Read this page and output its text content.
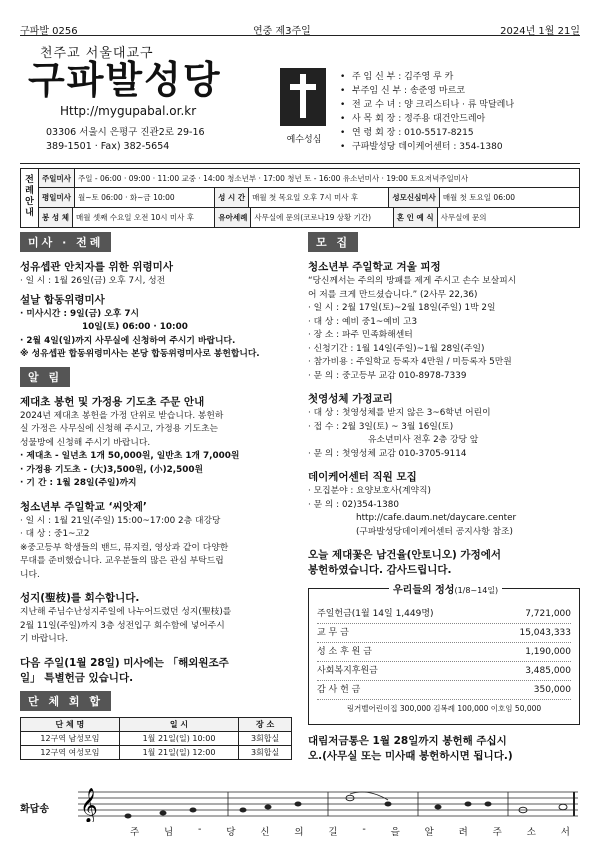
구파발 0256	연중 제3주일	2024년 1월 21일
천주교 서울대교구
구파발성당
Http://mygupabal.or.kr
03306 서울시 은평구 진관2로 29-16
389-1501 · Fax) 382-5654
예수성심
• 주 임 신 부 : 김주영 루 카
• 부주임 신 부 : 송준영 마르코
• 전 교 수 녀 : 양 크리스티나 · 류 막달레나
• 사 목 회 장 : 정주용 대건안드레아
• 연 령 회 장 : 010-5517-8215
• 구파발성당 데이케어센터 : 354-1380
전례안내
주일미사 주일 - 06:00 · 09:00 · 11:00 교중 · 14:00 청소년부 · 17:00 청년 토 - 16:00 유소년미사 · 19:00 토요저녁주일미사
평일미사 월~토 06:00 · 화~금 10:00	성 시 간 매월 첫 목요일 오후 7시 미사 후	성모신심미사 매월 첫 토요일 06:00
봉 성 체 매월 셋째 수요일 오전 10시 미사 후	유아세례 사무실에 문의(코로나19 상황 기간)	혼 인 예 식 사무실에 문의
미사 · 전례
성유셉관 안치자를 위한 위령미사
· 일 시 : 1월 26일(금) 오후 7시, 성전
설날 합동위령미사
· 미사시간 : 9일(금) 오후 7시
10일(토) 06:00 · 10:00
· 2월 4일(일)까지 사무실에 신청하여 주시기 바랍니다.
※ 성유셉관 합동위령미사는 본당 합동위령미사로 봉헌합니다.
알 림
제대초 봉헌 및 가정용 기도초 주문 안내
2024년 제대초 봉헌을 가정 단위로 받습니다. 봉헌하
실 가정은 사무실에 신청해 주시고, 가정용 기도초는
성물방에 신청해 주시기 바랍니다.
· 제대초 - 일년초 1개 50,000원, 일반초 1개 7,000원
· 가정용 기도초 - (大)3,500원, (小)2,500원
· 기 간 : 1월 28일(주일)까지
청소년부 주일학교 ‘씨앗제’
· 일 시 : 1월 21일(주일) 15:00~17:00 2층 대강당
· 대 상 : 중1~고2
※중고등부 학생들의 밴드, 뮤지컬, 영상과 같이 다양한
무대를 준비했습니다. 교우분들의 많은 관심 부탁드립
니다.
성지(聖枝)를 회수합니다.
지난해 주님수난성지주일에 나누어드렸던 성지(聖枝)를
2월 11일(주일)까지 3층 성전입구 회수함에 넣어주시
기 바랍니다.
다음 주일(1월 28일) 미사에는 「해외원조주
일」 특별헌금 있습니다.
단 체 회 합
단 체 명	일 시	장 소
12구역 남성모임	1월 21일(일) 10:00	3회합실
12구역 여성모임	1월 21일(일) 12:00	3회합실
모 집
청소년부 주일학교 겨울 피정
“당신께서는 주의의 방패를 제게 주시고 손수 보살피시
어 저를 크게 만드셨습니다.” (2사무 22,36)
· 일 시 : 2월 17일(토)~2월 18일(주일) 1박 2일
· 대 상 : 예비 중1~예비 고3
· 장 소 : 파주 민족화해센터
· 신청기간 : 1월 14일(주일)~1월 28일(주일)
· 참가비용 : 주일학교 등록자 4만원 / 미등록자 5만원
· 문 의 : 중고등부 교감 010-8978-7339
첫영성체 가정교리
· 대 상 : 첫영성체를 받지 않은 3~6학년 어린이
· 접 수 : 2월 3일(토) ~ 3월 16일(토)
유소년미사 전후 2층 강당 앞
· 문 의 : 첫영성체 교감 010-3705-9114
데이케어센터 직원 모집
· 모집분야 : 요양보호사(계약직)
· 문 의 : 02)354-1380
http://cafe.daum.net/daycare.center
(구파발성당데이케어센터 공지사항 참조)
오늘 제대꽃은 남건율(안토니오) 가정에서
봉헌하였습니다. 감사드립니다.
우리들의 정성(1/8~14일)
주일헌금(1월 14일 1,449명)	7,721,000
교 무 금	15,043,333
성 소 후 원 금	1,190,000
사회복지후원금	3,485,000
감 사 헌 금	350,000
링거벨어린이집 300,000 김복례 100,000 이호임 50,000
대림저금통은 1월 28일까지 봉헌해 주십시
오.(사무실 또는 미사때 봉헌하시면 됩니다.)
화답송 𝄞
주	님	-	당	신	의	길	-	을	알	려	주	소	서
